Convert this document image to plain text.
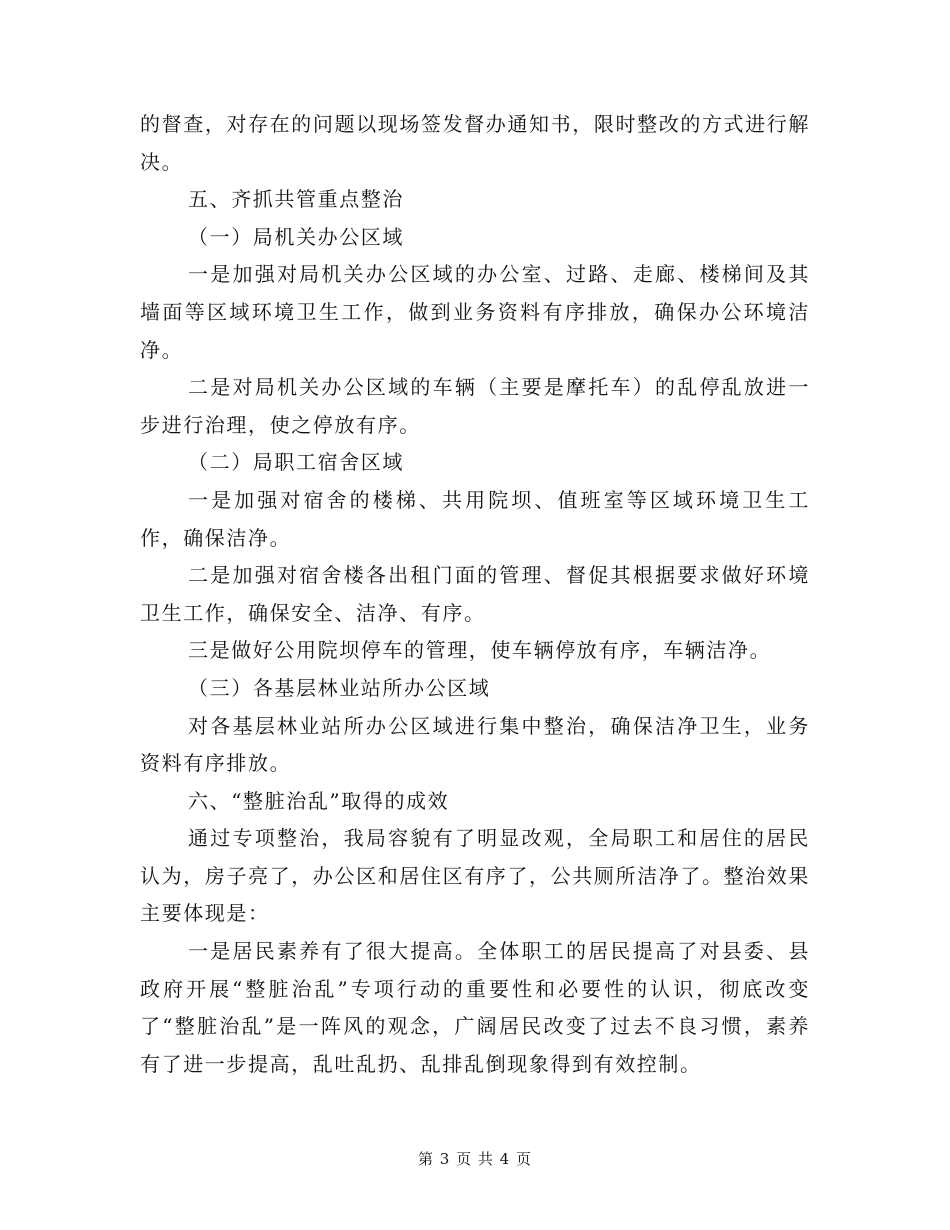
的督查，对存在的问题以现场签发督办通知书，限时整改的方式进行解决。

五、齐抓共管重点整治

（一）局机关办公区域

一是加强对局机关办公区域的办公室、过路、走廊、楼梯间及其墙面等区域环境卫生工作，做到业务资料有序排放，确保办公环境洁净。

二是对局机关办公区域的车辆（主要是摩托车）的乱停乱放进一步进行治理，使之停放有序。

（二）局职工宿舍区域

一是加强对宿舍的楼梯、共用院坝、值班室等区域环境卫生工作，确保洁净。

二是加强对宿舍楼各出租门面的管理、督促其根据要求做好环境卫生工作，确保安全、洁净、有序。

三是做好公用院坝停车的管理，使车辆停放有序，车辆洁净。

（三）各基层林业站所办公区域

对各基层林业站所办公区域进行集中整治，确保洁净卫生，业务资料有序排放。

六、“整脏治乱”取得的成效

通过专项整治，我局容貌有了明显改观，全局职工和居住的居民认为，房子亮了，办公区和居住区有序了，公共厕所洁净了。整治效果主要体现是：

一是居民素养有了很大提高。全体职工的居民提高了对县委、县政府开展“整脏治乱”专项行动的重要性和必要性的认识，彻底改变了“整脏治乱”是一阵风的观念，广阔居民改变了过去不良习惯，素养有了进一步提高，乱吐乱扔、乱排乱倒现象得到有效控制。

第 3 页 共 4 页
